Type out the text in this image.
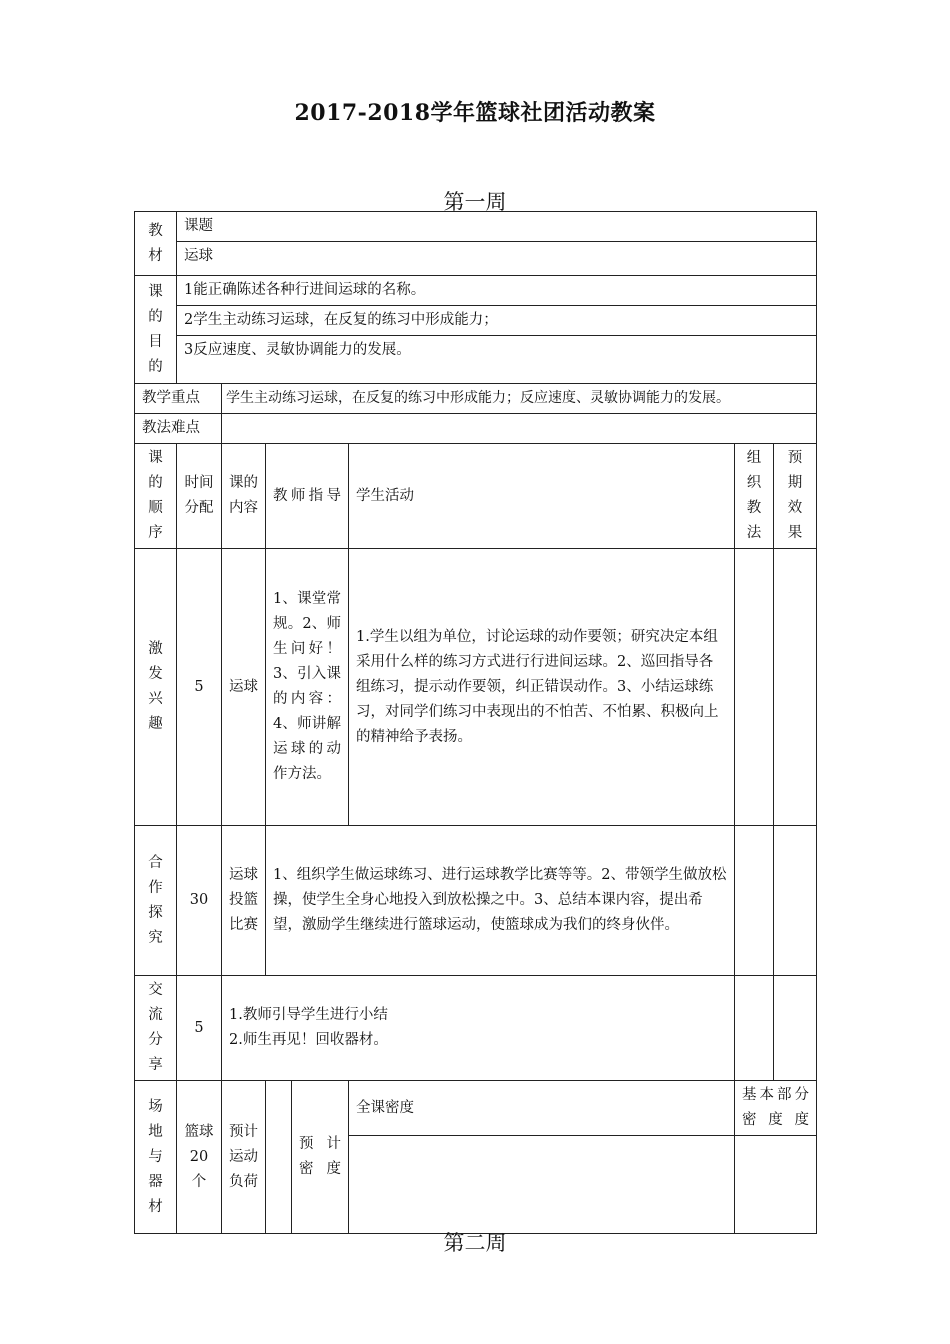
2017-2018学年篮球社团活动教案
第一周
教材	课题						
	运球						
课的目的	1能正确陈述各种行进间运球的名称。						
	2学生主动练习运球，在反复的练习中形成能力；						
	3反应速度、灵敏协调能力的发展。						
教学重点		学生主动练习运球，在反复的练习中形成能力；反应速度、灵敏协调能力的发展。					
教法难点							
课的顺序	时间分配	课的内容	教师指导		学生活动	组织教法	预期效果
激发兴趣	5	运球	1、课堂常规。2、师生问好！3、引入课的内容：4、师讲解运球的动作方法。		1.学生以组为单位，讨论运球的动作要领；研究决定本组采用什么样的练习方式进行行进间运球。2、巡回指导各组练习，提示动作要领，纠正错误动作。3、小结运球练习，对同学们练习中表现出的不怕苦、不怕累、积极向上的精神给予表扬。		
合作探究	30	运球投篮比赛	1、组织学生做运球练习、进行运球教学比赛等等。2、带领学生做放松操，使学生全身心地投入到放松操之中。3、总结本课内容，提出希望，激励学生继续进行篮球运动，使篮球成为我们的终身伙伴。				
交流分享	5	1.教师引导学生进行小结
2.师生再见！回收器材。					

场地与器材	篮球20个	预计运动负荷		预计密度	全课密度	基本部分密度度	

第二周
